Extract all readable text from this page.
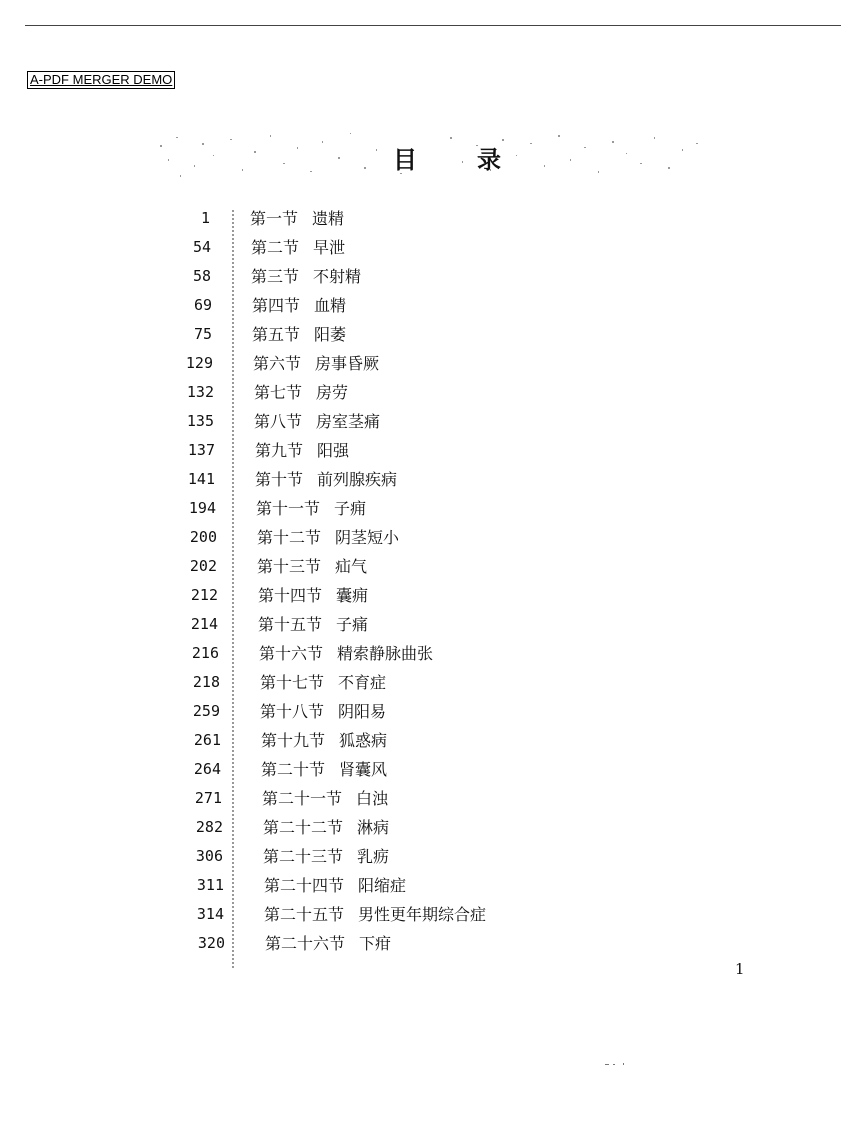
A-PDF MERGER DEMO
目录
1	第一节 遗精
54	第二节 早泄
58	第三节 不射精
69	第四节 血精
75	第五节 阳萎
129	第六节 房事昏厥
132	第七节 房劳
135	第八节 房室茎痛
137	第九节 阳强
141	第十节 前列腺疾病
194	第十一节 子痈
200	第十二节 阴茎短小
202	第十三节 疝气
212	第十四节 囊痈
214	第十五节 子痛
216	第十六节 精索静脉曲张
218	第十七节 不育症
259	第十八节 阴阳易
261	第十九节 狐惑病
264	第二十节 肾囊风
271	第二十一节 白浊
282	第二十二节 淋病
306	第二十三节 乳疬
311	第二十四节 阳缩症
314	第二十五节 男性更年期综合症
320	第二十六节 下疳
1
